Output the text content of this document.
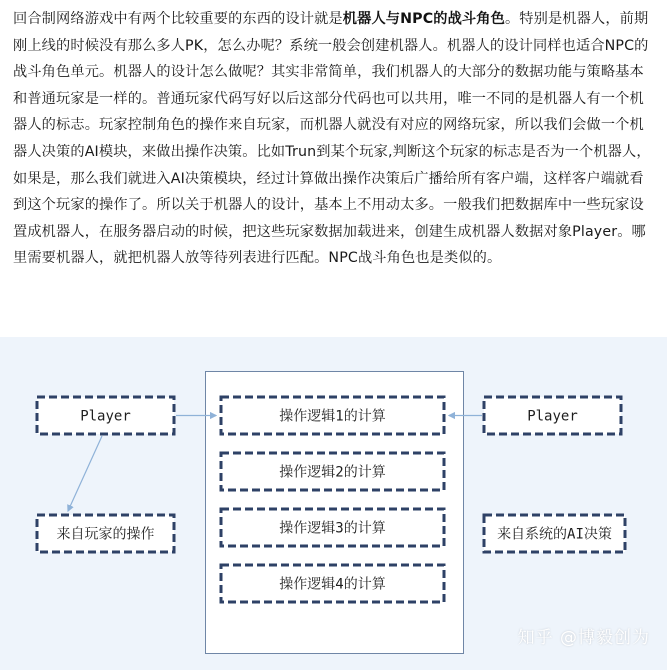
回合制网络游戏中有两个比较重要的东西的设计就是机器人与NPC的战斗角色。特别是机器人，前期刚上线的时候没有那么多人PK，怎么办呢？系统一般会创建机器人。机器人的设计同样也适合NPC的战斗角色单元。机器人的设计怎么做呢？其实非常简单，我们机器人的大部分的数据功能与策略基本和普通玩家是一样的。普通玩家代码写好以后这部分代码也可以共用，唯一不同的是机器人有一个机器人的标志。玩家控制角色的操作来自玩家，而机器人就没有对应的网络玩家，所以我们会做一个机器人决策的AI模块，来做出操作决策。比如Trun到某个玩家,判断这个玩家的标志是否为一个机器人，如果是，那么我们就进入AI决策模块，经过计算做出操作决策后广播给所有客户端，这样客户端就看到这个玩家的操作了。所以关于机器人的设计，基本上不用动太多。一般我们把数据库中一些玩家设置成机器人，在服务器启动的时候，把这些玩家数据加载进来，创建生成机器人数据对象Player。哪里需要机器人，就把机器人放等待列表进行匹配。NPC战斗角色也是类似的。
Player
来自玩家的操作
Player
来自系统的AI决策
操作逻辑1的计算
操作逻辑2的计算
操作逻辑3的计算
操作逻辑4的计算
知乎 @博毅创为
